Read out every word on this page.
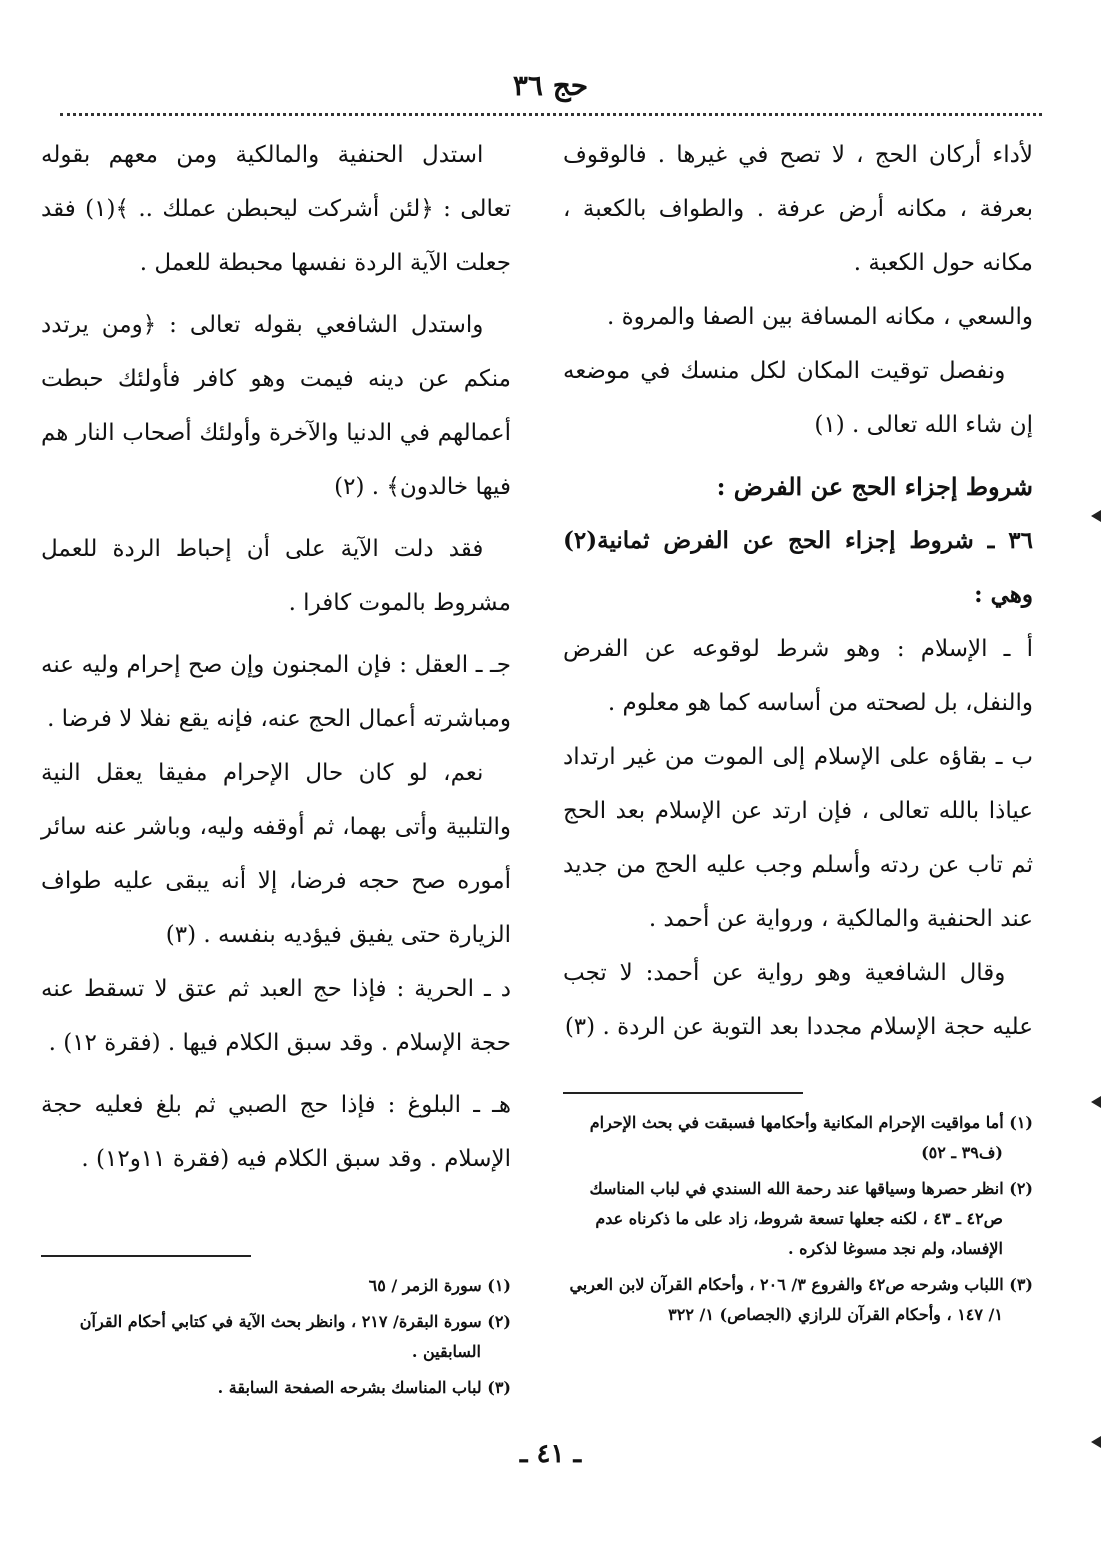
حج ٣٦

لأداء أركان الحج ، لا تصح في غيرها . فالوقوف بعرفة ، مكانه أرض عرفة . والطواف بالكعبة ، مكانه حول الكعبة .

والسعي ، مكانه المسافة بين الصفا والمروة .

ونفصل توقيت المكان لكل منسك في موضعه إن شاء الله تعالى . (١)

شروط إجزاء الحج عن الفرض :

٣٦ ـ شروط إجزاء الحج عن الفرض ثمانية(٢) وهي :

أ ـ الإسلام : وهو شرط لوقوعه عن الفرض والنفل، بل لصحته من أساسه كما هو معلوم .

ب ـ بقاؤه على الإسلام إلى الموت من غير ارتداد عياذا بالله تعالى ، فإن ارتد عن الإسلام بعد الحج ثم تاب عن ردته وأسلم وجب عليه الحج من جديد عند الحنفية والمالكية ، ورواية عن أحمد .

وقال الشافعية وهو رواية عن أحمد: لا تجب عليه حجة الإسلام مجددا بعد التوبة عن الردة . (٣)

استدل الحنفية والمالكية ومن معهم بقوله تعالى : ﴿لئن أشركت ليحبطن عملك .. ﴾(١) فقد جعلت الآية الردة نفسها محبطة للعمل .

واستدل الشافعي بقوله تعالى : ﴿ومن يرتدد منكم عن دينه فيمت وهو كافر فأولئك حبطت أعمالهم في الدنيا والآخرة وأولئك أصحاب النار هم فيها خالدون﴾ . (٢)

فقد دلت الآية على أن إحباط الردة للعمل مشروط بالموت كافرا .

جـ ـ العقل : فإن المجنون وإن صح إحرام وليه عنه ومباشرته أعمال الحج عنه، فإنه يقع نفلا لا فرضا .

نعم، لو كان حال الإحرام مفيقا يعقل النية والتلبية وأتى بهما، ثم أوقفه وليه، وباشر عنه سائر أموره صح حجه فرضا، إلا أنه يبقى عليه طواف الزيارة حتى يفيق فيؤديه بنفسه . (٣)

د ـ الحرية : فإذا حج العبد ثم عتق لا تسقط عنه حجة الإسلام . وقد سبق الكلام فيها . (فقرة ١٢) .

هـ ـ البلوغ : فإذا حج الصبي ثم بلغ فعليه حجة الإسلام . وقد سبق الكلام فيه (فقرة ١١و١٢) .

(١) أما مواقيت الإحرام المكانية وأحكامها فسبقت في بحث الإحرام (ف٣٩ ـ ٥٢)

(٢) انظر حصرها وسياقها عند رحمة الله السندي في لباب المناسك ص٤٢ ـ ٤٣ ، لكنه جعلها تسعة شروط، زاد على ما ذكرناه عدم الإفساد، ولم نجد مسوغا لذكره .

(٣) اللباب وشرحه ص٤٢ والفروع ٣/ ٢٠٦ ، وأحكام القرآن لابن العربي ١/ ١٤٧ ، وأحكام القرآن للرازي (الجصاص) ١/ ٣٢٢

(١) سورة الزمر / ٦٥

(٢) سورة البقرة/ ٢١٧ ، وانظر بحث الآية في كتابي أحكام القرآن السابقين .

(٣) لباب المناسك بشرحه الصفحة السابقة .

ـ ٤١ ـ
